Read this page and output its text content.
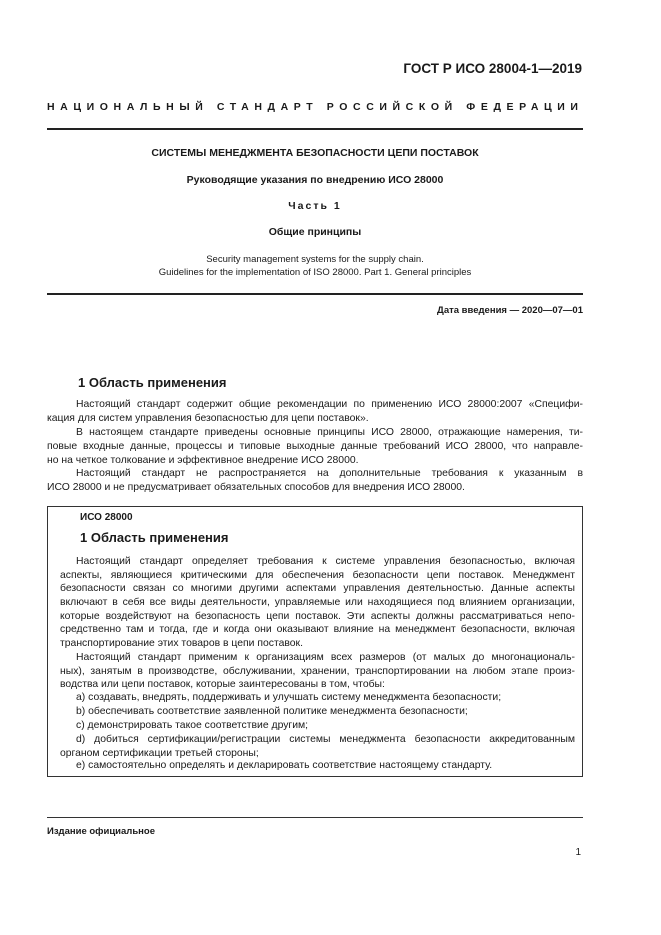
ГОСТ Р ИСО 28004-1—2019
НАЦИОНАЛЬНЫЙ СТАНДАРТ РОССИЙСКОЙ ФЕДЕРАЦИИ
СИСТЕМЫ МЕНЕДЖМЕНТА БЕЗОПАСНОСТИ ЦЕПИ ПОСТАВОК
Руководящие указания по внедрению ИСО 28000
Часть 1
Общие принципы
Security management systems for the supply chain.
Guidelines for the implementation of ISO 28000. Part 1. General principles
Дата введения — 2020—07—01
1 Область применения
Настоящий стандарт содержит общие рекомендации по применению ИСО 28000:2007 «Специфи-
кация для систем управления безопасностью для цепи поставок».
В настоящем стандарте приведены основные принципы ИСО 28000, отражающие намерения, ти-
повые входные данные, процессы и типовые выходные данные требований ИСО 28000, что направле-
но на четкое толкование и эффективное внедрение ИСО 28000.
Настоящий стандарт не распространяется на дополнительные требования к указанным в
ИСО 28000 и не предусматривает обязательных способов для внедрения ИСО 28000.
ИСО 28000
1 Область применения
Настоящий стандарт определяет требования к системе управления безопасностью, включая
аспекты, являющиеся критическими для обеспечения безопасности цепи поставок. Менеджмент
безопасности связан со многими другими аспектами управления деятельностью. Данные аспекты
включают в себя все виды деятельности, управляемые или находящиеся под влиянием организации,
которые воздействуют на безопасность цепи поставок. Эти аспекты должны рассматриваться непо-
средственно там и тогда, где и когда они оказывают влияние на менеджмент безопасности, включая
транспортирование этих товаров в цепи поставок.
Настоящий стандарт применим к организациям всех размеров (от малых до многонациональ-
ных), занятым в производстве, обслуживании, хранении, транспортировании на любом этапе произ-
водства или цепи поставок, которые заинтересованы в том, чтобы:
а) создавать, внедрять, поддерживать и улучшать систему менеджмента безопасности;
b) обеспечивать соответствие заявленной политике менеджмента безопасности;
с) демонстрировать такое соответствие другим;
d) добиться сертификации/регистрации системы менеджмента безопасности аккредитованным
органом сертификации третьей стороны;
е) самостоятельно определять и декларировать соответствие настоящему стандарту.
Издание официальное
1
